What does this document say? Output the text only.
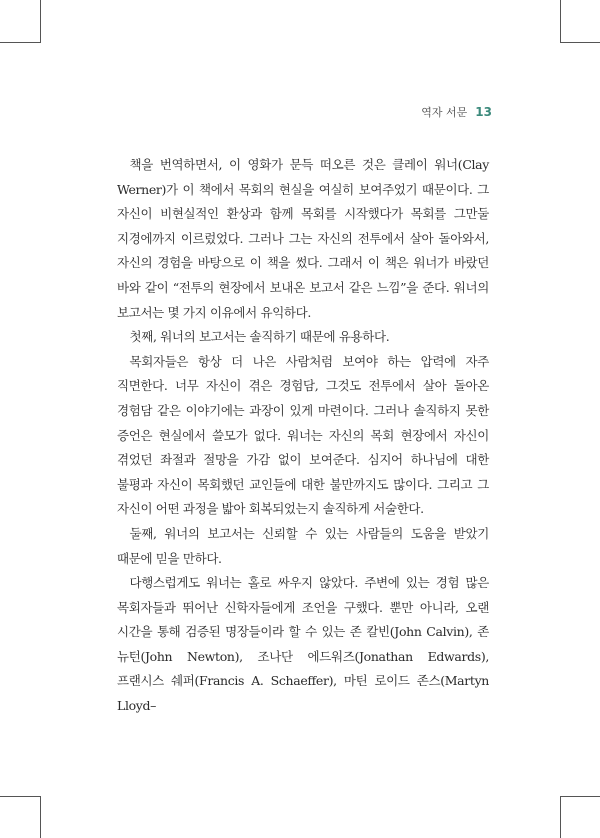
역자 서문 13

책을 번역하면서, 이 영화가 문득 떠오른 것은 클레이 워너(Clay Werner)가 이 책에서 목회의 현실을 여실히 보여주었기 때문이다. 그 자신이 비현실적인 환상과 함께 목회를 시작했다가 목회를 그만둘 지경에까지 이르렀었다. 그러나 그는 자신의 전투에서 살아 돌아와서, 자신의 경험을 바탕으로 이 책을 썼다. 그래서 이 책은 워너가 바랐던 바와 같이 “전투의 현장에서 보내온 보고서 같은 느낌”을 준다. 워너의 보고서는 몇 가지 이유에서 유익하다.

첫째, 워너의 보고서는 솔직하기 때문에 유용하다.

목회자들은 항상 더 나은 사람처럼 보여야 하는 압력에 자주 직면한다. 너무 자신이 겪은 경험담, 그것도 전투에서 살아 돌아온 경험담 같은 이야기에는 과장이 있게 마련이다. 그러나 솔직하지 못한 증언은 현실에서 쓸모가 없다. 워너는 자신의 목회 현장에서 자신이 겪었던 좌절과 절망을 가감 없이 보여준다. 심지어 하나님에 대한 불평과 자신이 목회했던 교인들에 대한 불만까지도 많이다. 그리고 그 자신이 어떤 과정을 밟아 회복되었는지 솔직하게 서술한다.

둘째, 워너의 보고서는 신뢰할 수 있는 사람들의 도움을 받았기 때문에 믿을 만하다.

다행스럽게도 워너는 홀로 싸우지 않았다. 주변에 있는 경험 많은 목회자들과 뛰어난 신학자들에게 조언을 구했다. 뿐만 아니라, 오랜 시간을 통해 검증된 명장들이라 할 수 있는 존 칼빈(John Calvin), 존 뉴턴(John Newton), 조나단 에드워즈(Jonathan Edwards), 프랜시스 쉐퍼(Francis A. Schaeffer), 마틴 로이드 존스(Martyn Lloyd–
